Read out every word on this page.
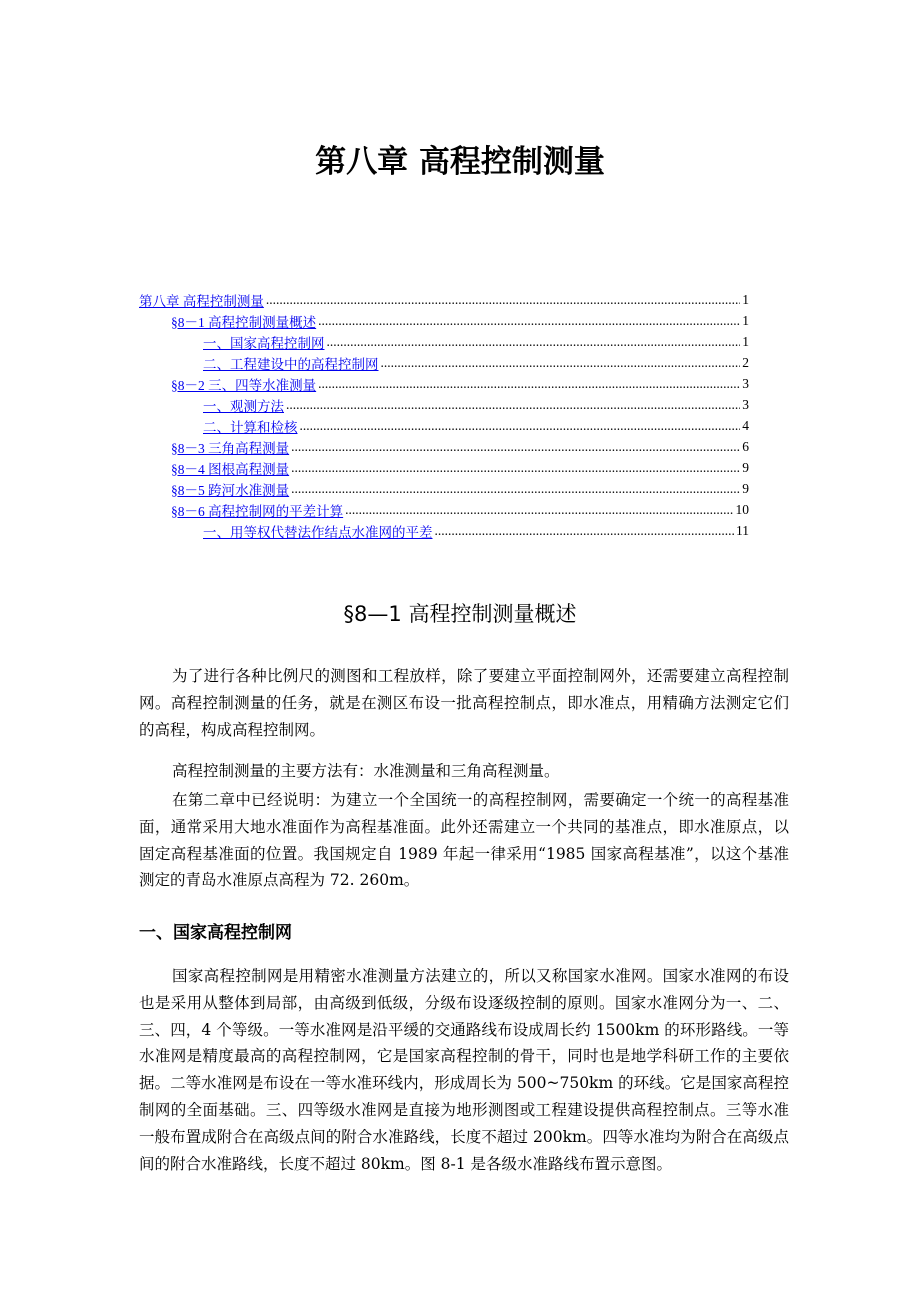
第八章 高程控制测量
第八章 高程控制测量 .....	1
§8－1 高程控制测量概述 .....	1
一、国家高程控制网 .....	1
二、工程建设中的高程控制网 .....	2
§8－2 三、四等水准测量 .....	3
一、观测方法 .....	3
二、计算和检核 .....	4
§8－3 三角高程测量 .....	6
§8－4 图根高程测量 .....	9
§8－5 跨河水准测量 .....	9
§8－6 高程控制网的平差计算 .....	10
一、用等权代替法作结点水准网的平差 .....	11
§8—1 高程控制测量概述

为了进行各种比例尺的测图和工程放样，除了要建立平面控制网外，还需要建立高程控制网。高程控制测量的任务，就是在测区布设一批高程控制点，即水准点，用精确方法测定它们的高程，构成高程控制网。

高程控制测量的主要方法有：水准测量和三角高程测量。

在第二章中已经说明：为建立一个全国统一的高程控制网，需要确定一个统一的高程基准面，通常采用大地水准面作为高程基准面。此外还需建立一个共同的基准点，即水准原点，以固定高程基准面的位置。我国规定自 1989 年起一律采用“1985 国家高程基准”，以这个基准测定的青岛水准原点高程为 72. 260m。

一、国家高程控制网

国家高程控制网是用精密水准测量方法建立的，所以又称国家水准网。国家水准网的布设也是采用从整体到局部，由高级到低级，分级布设逐级控制的原则。国家水准网分为一、二、三、四，4 个等级。一等水准网是沿平缓的交通路线布设成周长约 1500km 的环形路线。一等水准网是精度最高的高程控制网，它是国家高程控制的骨干，同时也是地学科研工作的主要依据。二等水准网是布设在一等水准环线内，形成周长为 500~750km 的环线。它是国家高程控制网的全面基础。三、四等级水准网是直接为地形测图或工程建设提供高程控制点。三等水准一般布置成附合在高级点间的附合水准路线，长度不超过 200km。四等水准均为附合在高级点间的附合水准路线，长度不超过 80km。图 8-1 是各级水准路线布置示意图。
